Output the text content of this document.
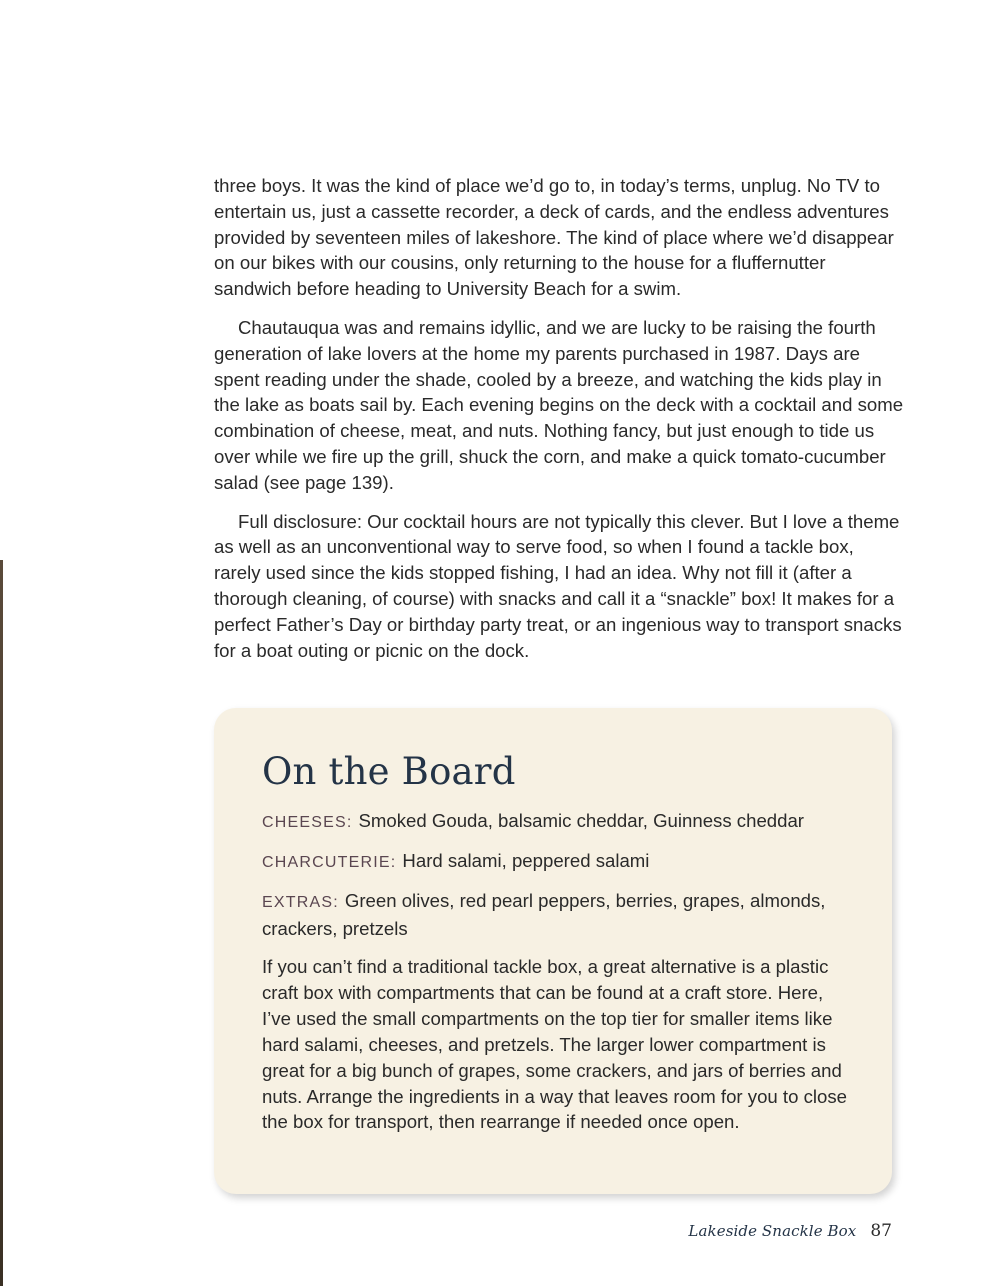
three boys. It was the kind of place we’d go to, in today’s terms, unplug. No TV to entertain us, just a cassette recorder, a deck of cards, and the endless adventures provided by seventeen miles of lakeshore. The kind of place where we’d disappear on our bikes with our cousins, only returning to the house for a fluffernutter sandwich before heading to University Beach for a swim.

Chautauqua was and remains idyllic, and we are lucky to be raising the fourth generation of lake lovers at the home my parents purchased in 1987. Days are spent reading under the shade, cooled by a breeze, and watching the kids play in the lake as boats sail by. Each evening begins on the deck with a cocktail and some combination of cheese, meat, and nuts. Nothing fancy, but just enough to tide us over while we fire up the grill, shuck the corn, and make a quick tomato-cucumber salad (see page 139).

Full disclosure: Our cocktail hours are not typically this clever. But I love a theme as well as an unconventional way to serve food, so when I found a tackle box, rarely used since the kids stopped fishing, I had an idea. Why not fill it (after a thorough cleaning, of course) with snacks and call it a “snackle” box! It makes for a perfect Father’s Day or birthday party treat, or an ingenious way to transport snacks for a boat outing or picnic on the dock.

On the Board
CHEESES: Smoked Gouda, balsamic cheddar, Guinness cheddar
CHARCUTERIE: Hard salami, peppered salami
EXTRAS: Green olives, red pearl peppers, berries, grapes, almonds, crackers, pretzels

If you can’t find a traditional tackle box, a great alternative is a plastic craft box with compartments that can be found at a craft store. Here, I’ve used the small compartments on the top tier for smaller items like hard salami, cheeses, and pretzels. The larger lower compartment is great for a big bunch of grapes, some crackers, and jars of berries and nuts. Arrange the ingredients in a way that leaves room for you to close the box for transport, then rearrange if needed once open.

Lakeside Snackle Box 87
